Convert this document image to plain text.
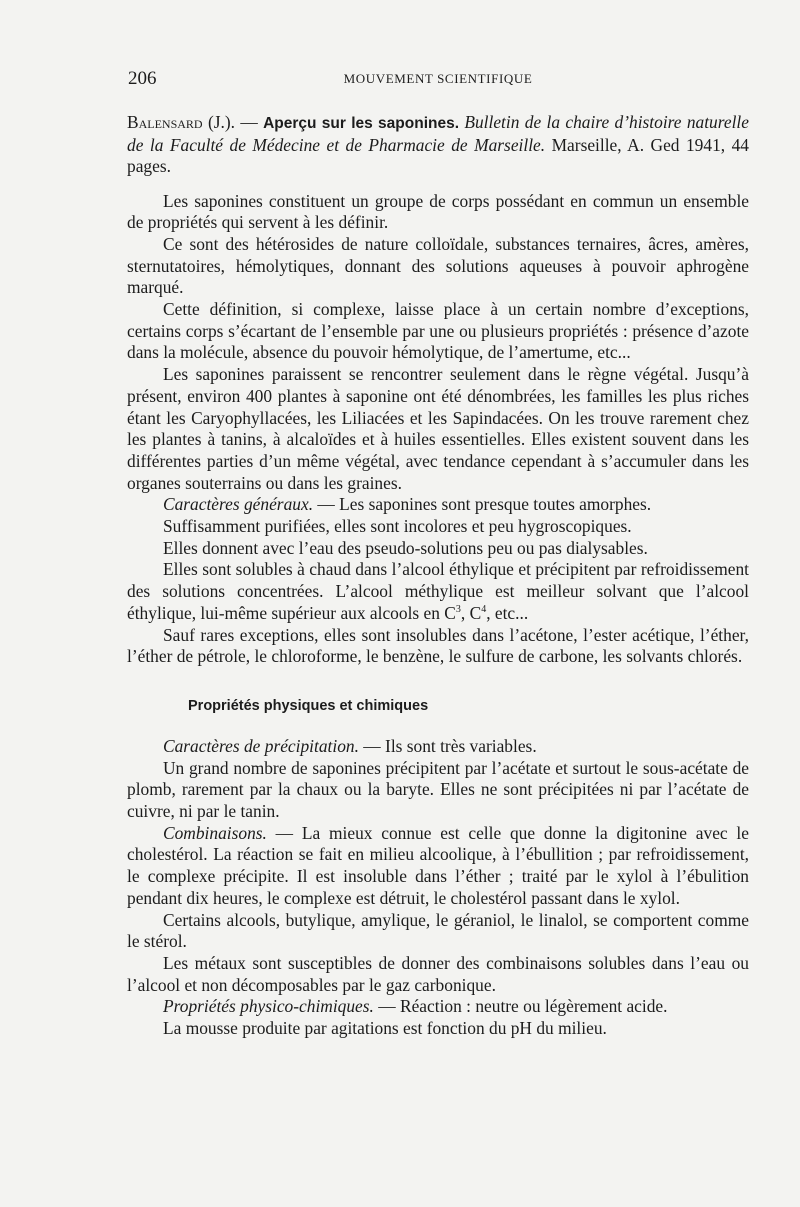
206	MOUVEMENT SCIENTIFIQUE

Balensard (J.). — Aperçu sur les saponines. Bulletin de la chaire d’histoire naturelle de la Faculté de Médecine et de Pharmacie de Marseille. Marseille, A. Ged 1941, 44 pages.

Les saponines constituent un groupe de corps possédant en commun un ensemble de propriétés qui servent à les définir.

Ce sont des hétérosides de nature colloïdale, substances ternaires, âcres, amères, sternutatoires, hémolytiques, donnant des solutions aqueuses à pouvoir aphrogène marqué.

Cette définition, si complexe, laisse place à un certain nombre d’exceptions, certains corps s’écartant de l’ensemble par une ou plusieurs propriétés : présence d’azote dans la molécule, absence du pouvoir hémolytique, de l’amertume, etc...

Les saponines paraissent se rencontrer seulement dans le règne végétal. Jusqu’à présent, environ 400 plantes à saponine ont été dénombrées, les familles les plus riches étant les Caryophyllacées, les Liliacées et les Sapindacées. On les trouve rarement chez les plantes à tanins, à alcaloïdes et à huiles essentielles. Elles existent souvent dans les différentes parties d’un même végétal, avec tendance cependant à s’accumuler dans les organes souterrains ou dans les graines.

Caractères généraux. — Les saponines sont presque toutes amorphes.

Suffisamment purifiées, elles sont incolores et peu hygroscopiques.

Elles donnent avec l’eau des pseudo-solutions peu ou pas dialysables.

Elles sont solubles à chaud dans l’alcool éthylique et précipitent par refroidissement des solutions concentrées. L’alcool méthylique est meilleur solvant que l’alcool éthylique, lui-même supérieur aux alcools en $C^3$, $C^4$, etc...

Sauf rares exceptions, elles sont insolubles dans l’acétone, l’ester acétique, l’éther, l’éther de pétrole, le chloroforme, le benzène, le sulfure de carbone, les solvants chlorés.

Propriétés physiques et chimiques

Caractères de précipitation. — Ils sont très variables.

Un grand nombre de saponines précipitent par l’acétate et surtout le sous-acétate de plomb, rarement par la chaux ou la baryte. Elles ne sont précipitées ni par l’acétate de cuivre, ni par le tanin.

Combinaisons. — La mieux connue est celle que donne la digitonine avec le cholestérol. La réaction se fait en milieu alcoolique, à l’ébullition ; par refroidissement, le complexe précipite. Il est insoluble dans l’éther ; traité par le xylol à l’ébulition pendant dix heures, le complexe est détruit, le cholestérol passant dans le xylol.

Certains alcools, butylique, amylique, le géraniol, le linalol, se comportent comme le stérol.

Les métaux sont susceptibles de donner des combinaisons solubles dans l’eau ou l’alcool et non décomposables par le gaz carbonique.

Propriétés physico-chimiques. — Réaction : neutre ou légèrement acide.

La mousse produite par agitations est fonction du pH du milieu.
